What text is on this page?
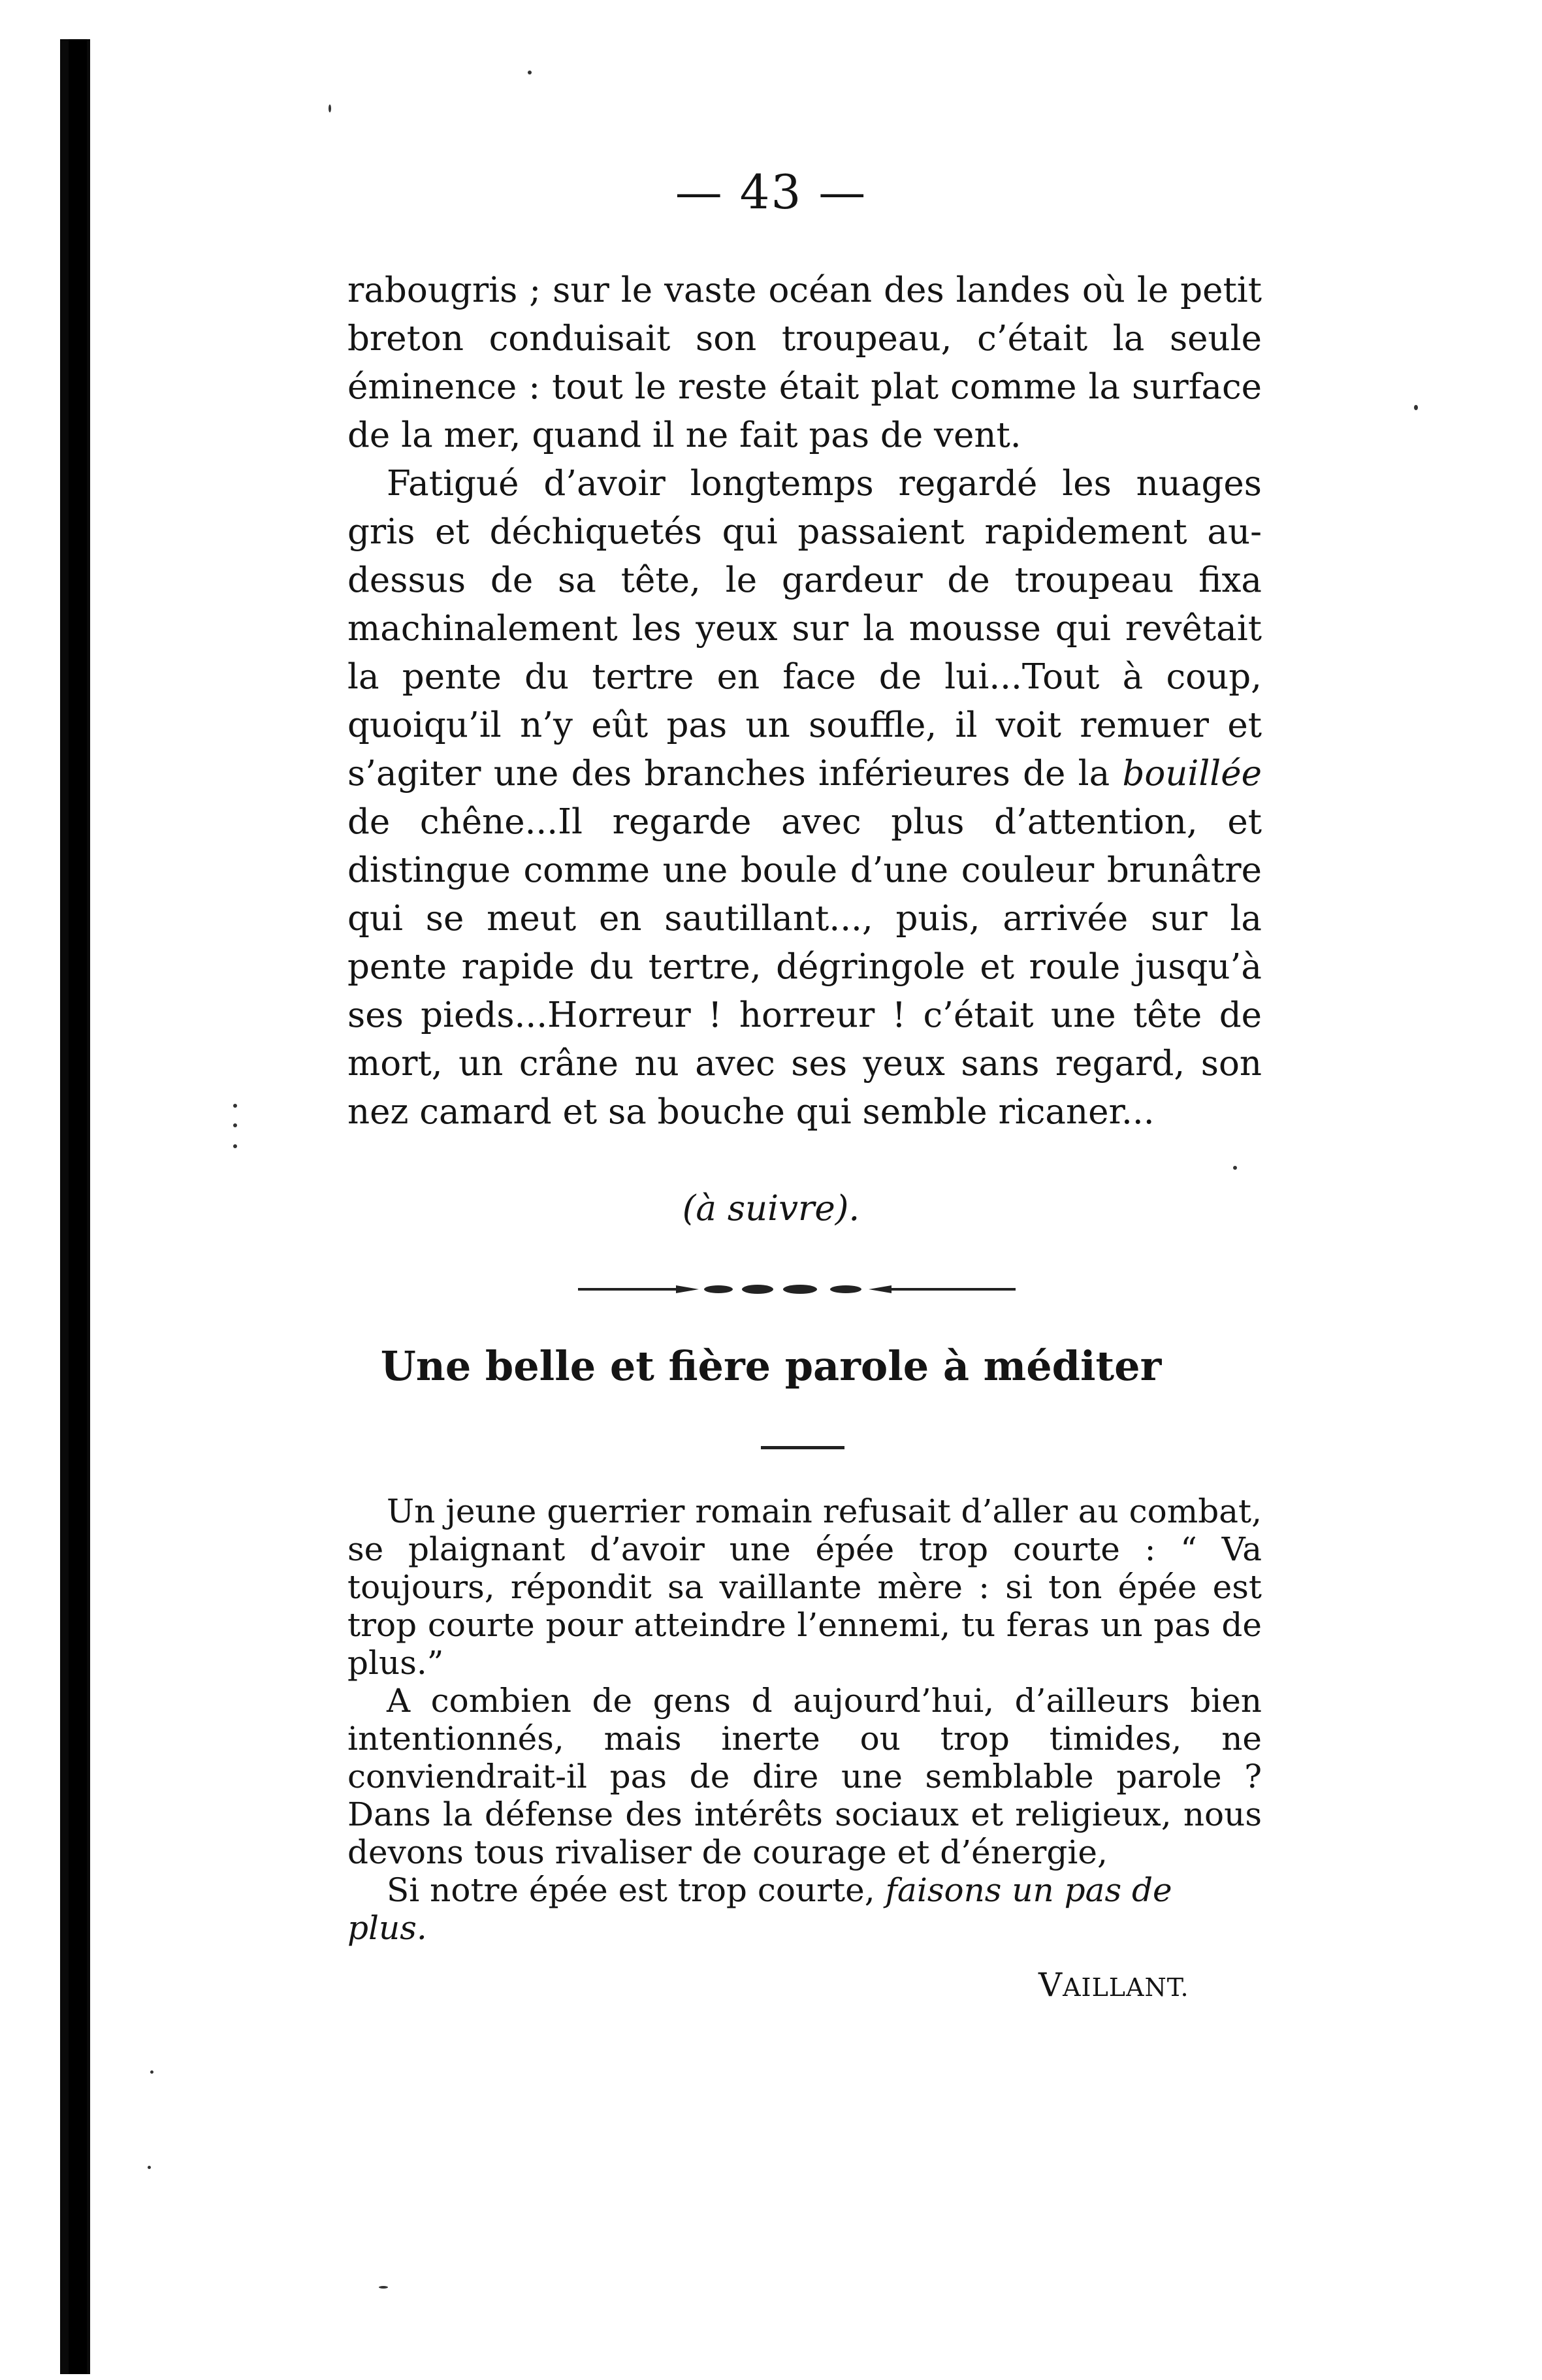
— 43 —

rabougris ; sur le vaste océan des landes où le petit breton conduisait son troupeau, c’était la seule éminence : tout le reste était plat comme la surface de la mer, quand il ne fait pas de vent.

Fatigué d’avoir longtemps regardé les nuages gris et déchiquetés qui passaient rapidement au-dessus de sa tête, le gardeur de troupeau fixa machinalement les yeux sur la mousse qui revêtait la pente du tertre en face de lui...Tout à coup, quoiqu’il n’y eût pas un souffle, il voit remuer et s’agiter une des branches inférieures de la bouillée de chêne...Il regarde avec plus d’attention, et distingue comme une boule d’une couleur brunâtre qui se meut en sautillant..., puis, arrivée sur la pente rapide du tertre, dégringole et roule jusqu’à ses pieds...Horreur ! horreur ! c’était une tête de mort, un crâne nu avec ses yeux sans regard, son nez camard et sa bouche qui semble ricaner...

(à suivre).
Une belle et fière parole à méditer

Un jeune guerrier romain refusait d’aller au combat, se plaignant d’avoir une épée trop courte : “ Va toujours, répondit sa vaillante mère : si ton épée est trop courte pour atteindre l’ennemi, tu feras un pas de plus.”

A combien de gens d aujourd’hui, d’ailleurs bien intentionnés, mais inerte ou trop timides, ne conviendrait-il pas de dire une semblable parole ? Dans la défense des intérêts sociaux et religieux, nous devons tous rivaliser de courage et d’énergie,

Si notre épée est trop courte, faisons un pas de plus.

VAILLANT.
